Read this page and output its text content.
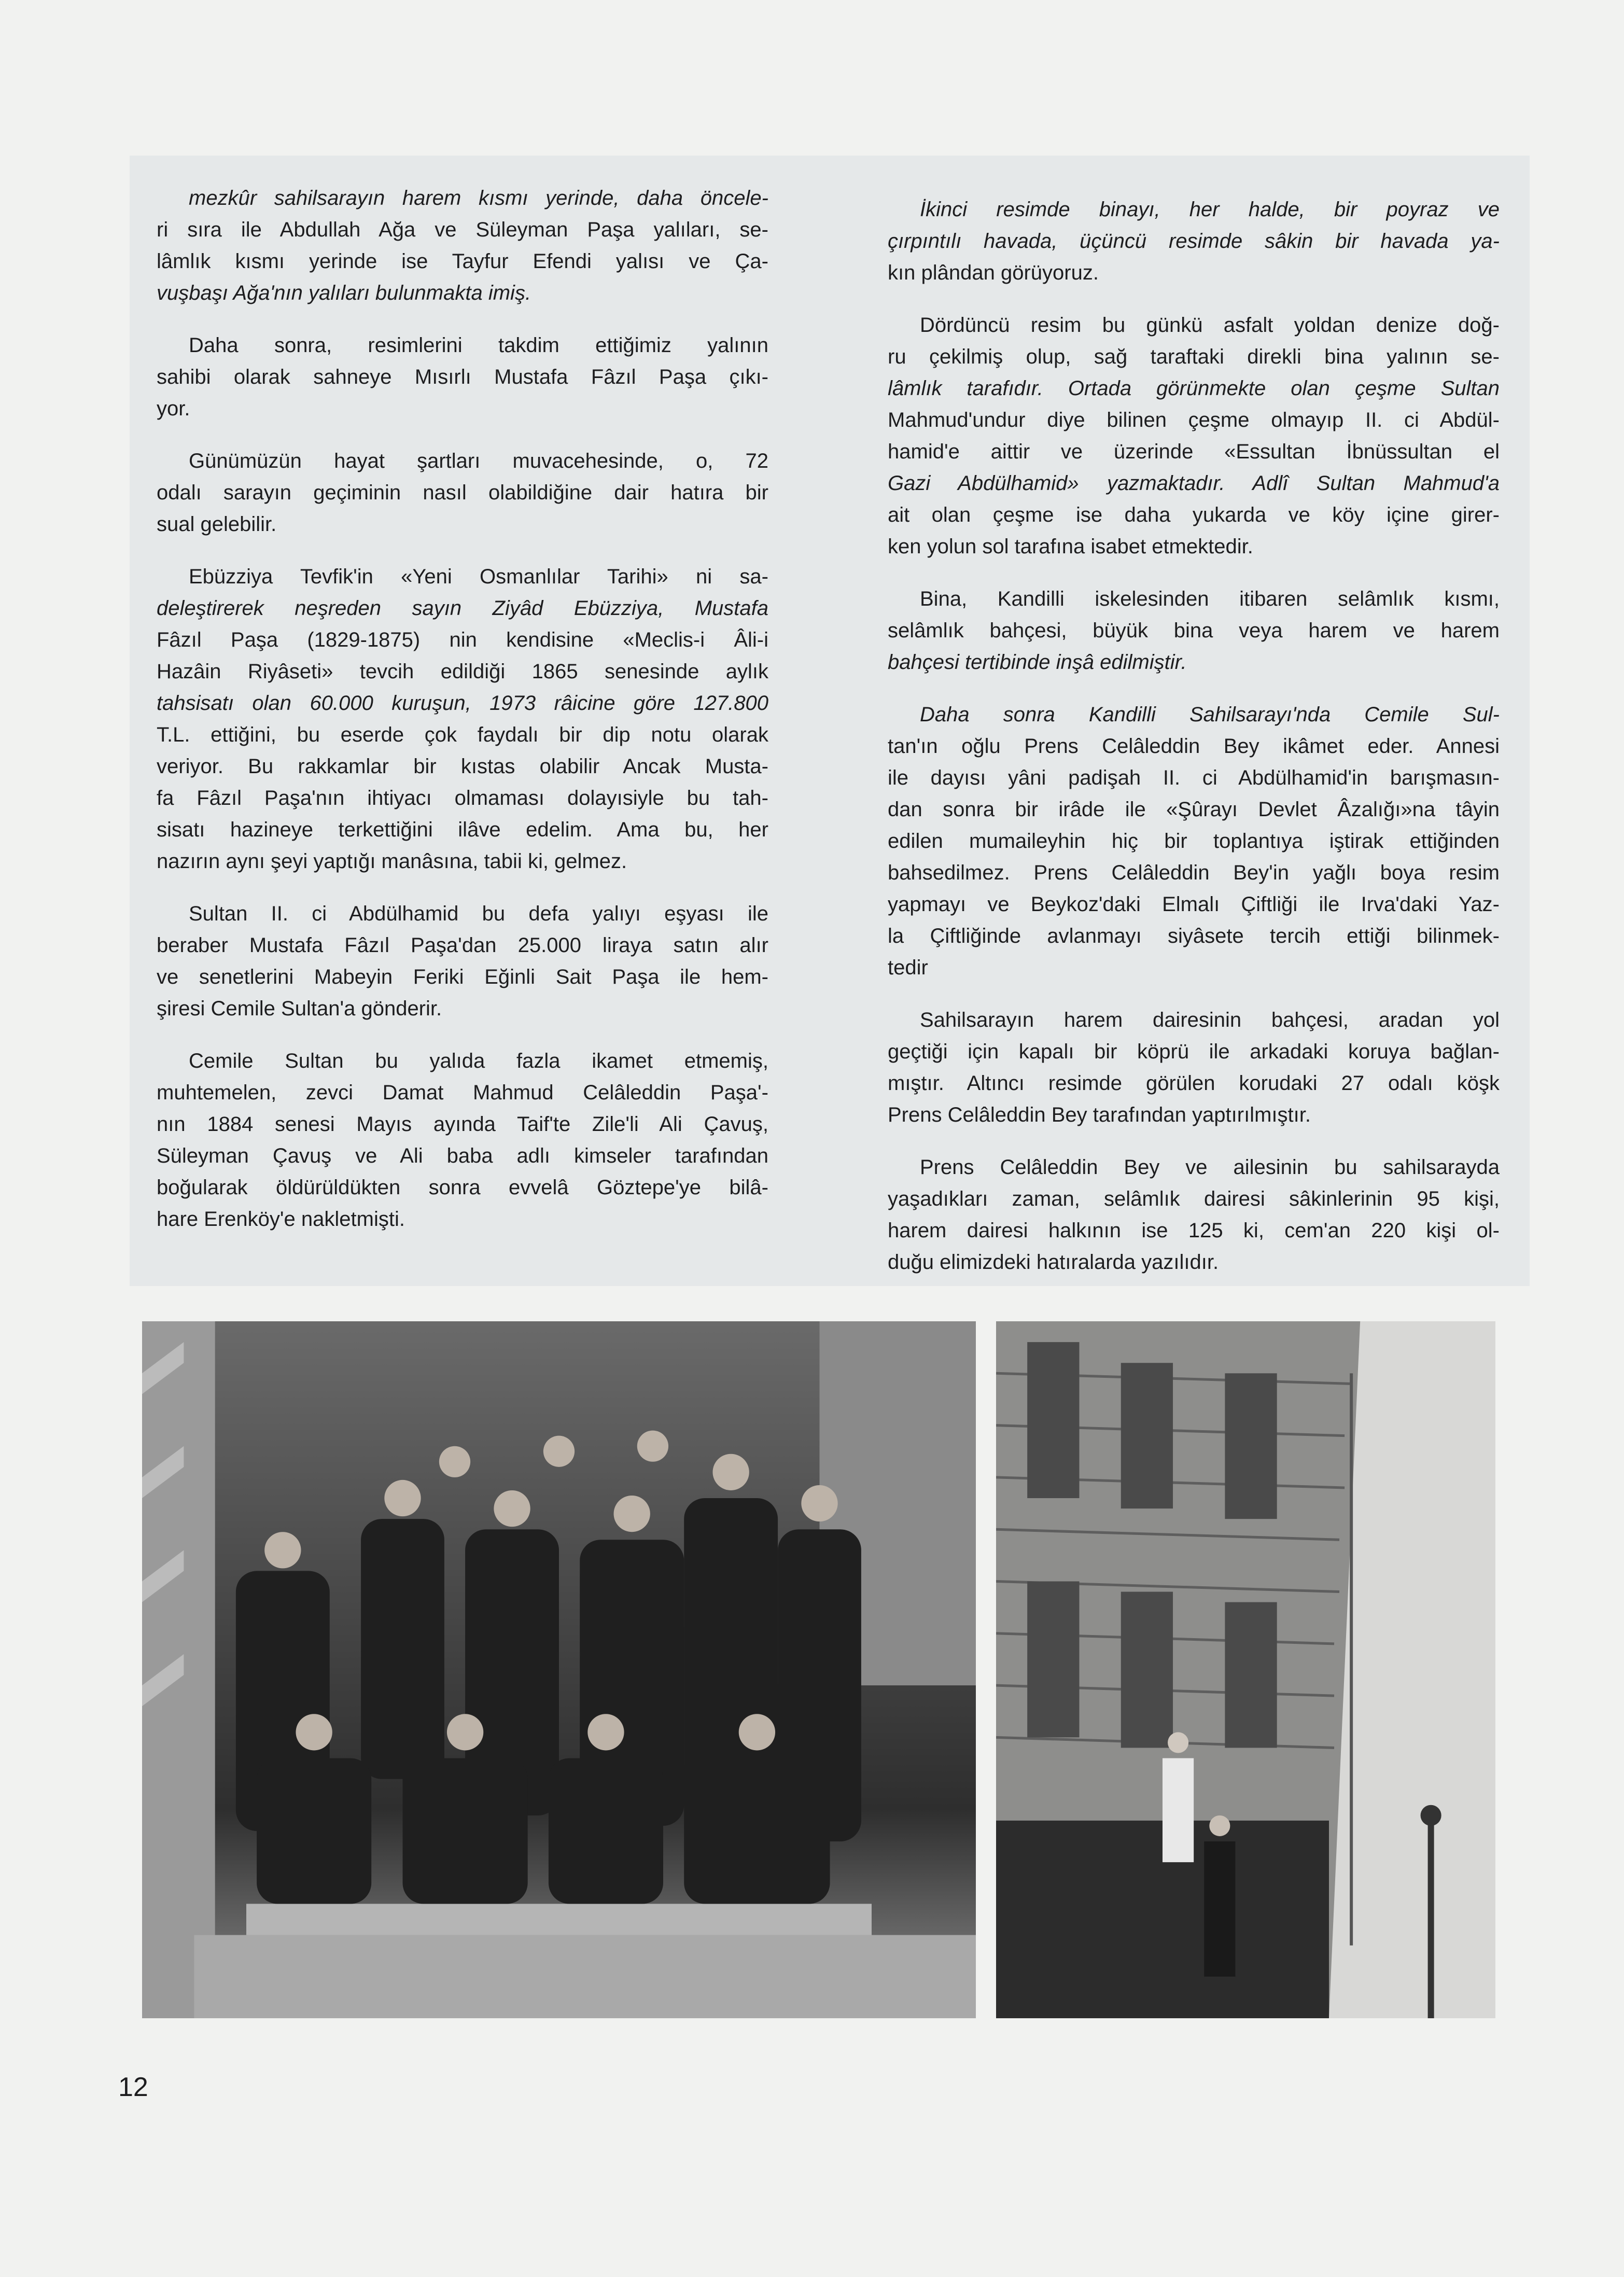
mezkûr sahilsarayın harem kısmı yerinde, daha öncele-
ri sıra ile Abdullah Ağa ve Süleyman Paşa yalıları, se-
lâmlık kısmı yerinde ise Tayfur Efendi yalısı ve Ça-
vuşbaşı Ağa'nın yalıları bulunmakta imiş.
Daha sonra, resimlerini takdim ettiğimiz yalının
sahibi olarak sahneye Mısırlı Mustafa Fâzıl Paşa çıkı-
yor.
Günümüzün hayat şartları muvacehesinde, o, 72
odalı sarayın geçiminin nasıl olabildiğine dair hatıra bir
sual gelebilir.
Ebüzziya Tevfik'in «Yeni Osmanlılar Tarihi» ni sa-
deleştirerek neşreden sayın Ziyâd Ebüzziya, Mustafa
Fâzıl Paşa (1829-1875) nin kendisine «Meclis-i Âli-i
Hazâin Riyâseti» tevcih edildiği 1865 senesinde aylık
tahsisatı olan 60.000 kuruşun, 1973 râicine göre 127.800
T.L. ettiğini, bu eserde çok faydalı bir dip notu olarak
veriyor. Bu rakkamlar bir kıstas olabilir Ancak Musta-
fa Fâzıl Paşa'nın ihtiyacı olmaması dolayısiyle bu tah-
sisatı hazineye terkettiğini ilâve edelim. Ama bu, her
nazırın aynı şeyi yaptığı manâsına, tabii ki, gelmez.
Sultan II. ci Abdülhamid bu defa yalıyı eşyası ile
beraber Mustafa Fâzıl Paşa'dan 25.000 liraya satın alır
ve senetlerini Mabeyin Feriki Eğinli Sait Paşa ile hem-
şiresi Cemile Sultan'a gönderir.
Cemile Sultan bu yalıda fazla ikamet etmemiş,
muhtemelen, zevci Damat Mahmud Celâleddin Paşa'-
nın 1884 senesi Mayıs ayında Taif'te Zile'li Ali Çavuş,
Süleyman Çavuş ve Ali baba adlı kimseler tarafından
boğularak öldürüldükten sonra evvelâ Göztepe'ye bilâ-
hare Erenköy'e nakletmişti.
İkinci resimde binayı, her halde, bir poyraz ve
çırpıntılı havada, üçüncü resimde sâkin bir havada ya-
kın plândan görüyoruz.
Dördüncü resim bu günkü asfalt yoldan denize doğ-
ru çekilmiş olup, sağ taraftaki direkli bina yalının se-
lâmlık tarafıdır. Ortada görünmekte olan çeşme Sultan
Mahmud'undur diye bilinen çeşme olmayıp II. ci Abdül-
hamid'e aittir ve üzerinde «Essultan İbnüssultan el
Gazi Abdülhamid» yazmaktadır. Adlî Sultan Mahmud'a
ait olan çeşme ise daha yukarda ve köy içine girer-
ken yolun sol tarafına isabet etmektedir.
Bina, Kandilli iskelesinden itibaren selâmlık kısmı,
selâmlık bahçesi, büyük bina veya harem ve harem
bahçesi tertibinde inşâ edilmiştir.
Daha sonra Kandilli Sahilsarayı'nda Cemile Sul-
tan'ın oğlu Prens Celâleddin Bey ikâmet eder. Annesi
ile dayısı yâni padişah II. ci Abdülhamid'in barışmasın-
dan sonra bir irâde ile «Şûrayı Devlet Âzalığı»na tâyin
edilen mumaileyhin hiç bir toplantıya iştirak ettiğinden
bahsedilmez. Prens Celâleddin Bey'in yağlı boya resim
yapmayı ve Beykoz'daki Elmalı Çiftliği ile Irva'daki Yaz-
la Çiftliğinde avlanmayı siyâsete tercih ettiği bilinmek-
tedir
Sahilsarayın harem dairesinin bahçesi, aradan yol
geçtiği için kapalı bir köprü ile arkadaki koruya bağlan-
mıştır. Altıncı resimde görülen korudaki 27 odalı köşk
Prens Celâleddin Bey tarafından yaptırılmıştır.
Prens Celâleddin Bey ve ailesinin bu sahilsarayda
yaşadıkları zaman, selâmlık dairesi sâkinlerinin 95 kişi,
harem dairesi halkının ise 125 ki, cem'an 220 kişi ol-
duğu elimizdeki hatıralarda yazılıdır.
12
